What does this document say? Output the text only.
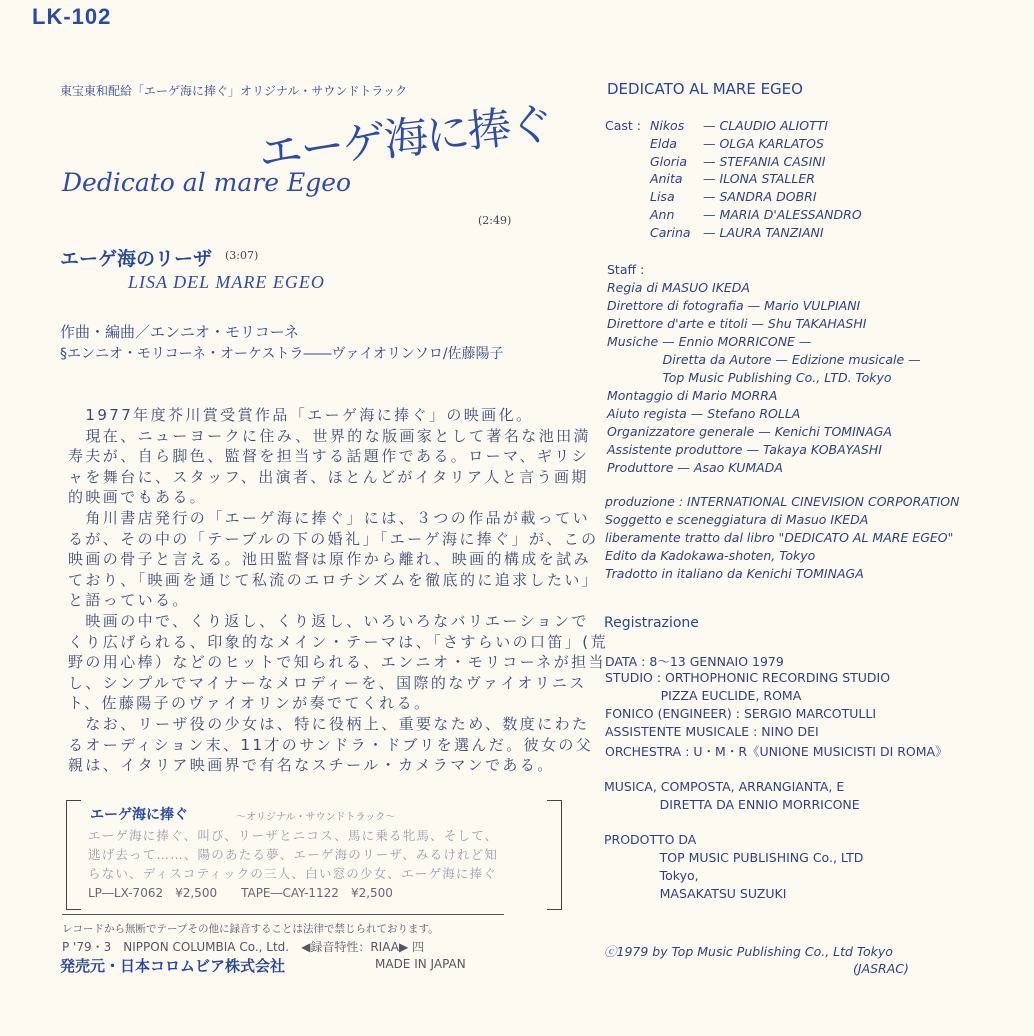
LK-102
東宝東和配給「エーゲ海に捧ぐ」オリジナル・サウンドトラック
エーゲ海に捧ぐ
Dedicato al mare Egeo
(2:49)
エーゲ海のリーザ (3:07)
LISA DEL MARE EGEO
作曲・編曲／エンニオ・モリコーネ
§エンニオ・モリコーネ・オーケストラ――ヴァイオリンソロ/佐藤陽子
　1977年度芥川賞受賞作品「エーゲ海に捧ぐ」の映画化。
　現在、ニューヨークに住み、世界的な版画家として著名な池田満
寿夫が、自ら脚色、監督を担当する話題作である。ローマ、ギリシ
ャを舞台に、スタッフ、出演者、ほとんどがイタリア人と言う画期
的映画でもある。
　角川書店発行の「エーゲ海に捧ぐ」には、３つの作品が載ってい
るが、その中の「テーブルの下の婚礼」「エーゲ海に捧ぐ」が、この
映画の骨子と言える。池田監督は原作から離れ、映画的構成を試み
ており、「映画を通じて私流のエロチシズムを徹底的に追求したい」
と語っている。
　映画の中で、くり返し、くり返し、いろいろなバリエーションで
くり広げられる、印象的なメイン・テーマは、「さすらいの口笛」(荒
野の用心棒）などのヒットで知られる、エンニオ・モリコーネが担当
し、シンプルでマイナーなメロディーを、国際的なヴァイオリニス
ト、佐藤陽子のヴァイオリンが奏でてくれる。
　なお、リーザ役の少女は、特に役柄上、重要なため、数度にわた
るオーディション末、11才のサンドラ・ドブリを選んだ。彼女の父
親は、イタリア映画界で有名なスチール・カメラマンである。
エーゲ海に捧ぐ	～オリジナル・サウンドトラック～
エーゲ海に捧ぐ、叫び、リーザとニコス、馬に乗る牝馬、そして、
逃げ去って……、陽のあたる夢、エーゲ海のリーザ、みるけれど知
らない、ディスコティックの三人、白い窓の少女、エーゲ海に捧ぐ
LP―LX-7062　¥2,500　　TAPE―CAY-1122　¥2,500
レコードから無断でテープその他に録音することは法律で禁じられております。
P '79・3　NIPPON COLUMBIA Co., Ltd.　◀録音特性：RIAA▶ 四
発売元・日本コロムビア株式会社	MADE IN JAPAN
DEDICATO AL MARE EGEO
Cast : Nikos — CLAUDIO ALIOTTI
Elda — OLGA KARLATOS
Gloria — STEFANIA CASINI
Anita — ILONA STALLER
Lisa — SANDRA DOBRI
Ann — MARIA D'ALESSANDRO
Carina — LAURA TANZIANI
Staff :
Regia di MASUO IKEDA
Direttore di fotografia — Mario VULPIANI
Direttore d'arte e titoli — Shu TAKAHASHI
Musiche — Ennio MORRICONE —
Diretta da Autore — Edizione musicale —
Top Music Publishing Co., LTD. Tokyo
Montaggio di Mario MORRA
Aiuto regista — Stefano ROLLA
Organizzatore generale — Kenichi TOMINAGA
Assistente produttore — Takaya KOBAYASHI
Produttore — Asao KUMADA
produzione : INTERNATIONAL CINEVISION CORPORATION
Soggetto e sceneggiatura di Masuo IKEDA
liberamente tratto dal libro "DEDICATO AL MARE EGEO"
Edito da Kadokawa-shoten, Tokyo
Tradotto in italiano da Kenichi TOMINAGA
Registrazione
DATA : 8～13 GENNAIO 1979
STUDIO : ORTHOPHONIC RECORDING STUDIO
PIZZA EUCLIDE, ROMA
FONICO (ENGINEER) : SERGIO MARCOTULLI
ASSISTENTE MUSICALE : NINO DEI
ORCHESTRA : U・M・R《UNIONE MUSICISTI DI ROMA》
MUSICA, COMPOSTA, ARRANGIANTA, E
DIRETTA DA ENNIO MORRICONE
PRODOTTO DA
TOP MUSIC PUBLISHING Co., LTD
Tokyo,
MASAKATSU SUZUKI
ⓒ1979 by Top Music Publishing Co., Ltd Tokyo
(JASRAC)
